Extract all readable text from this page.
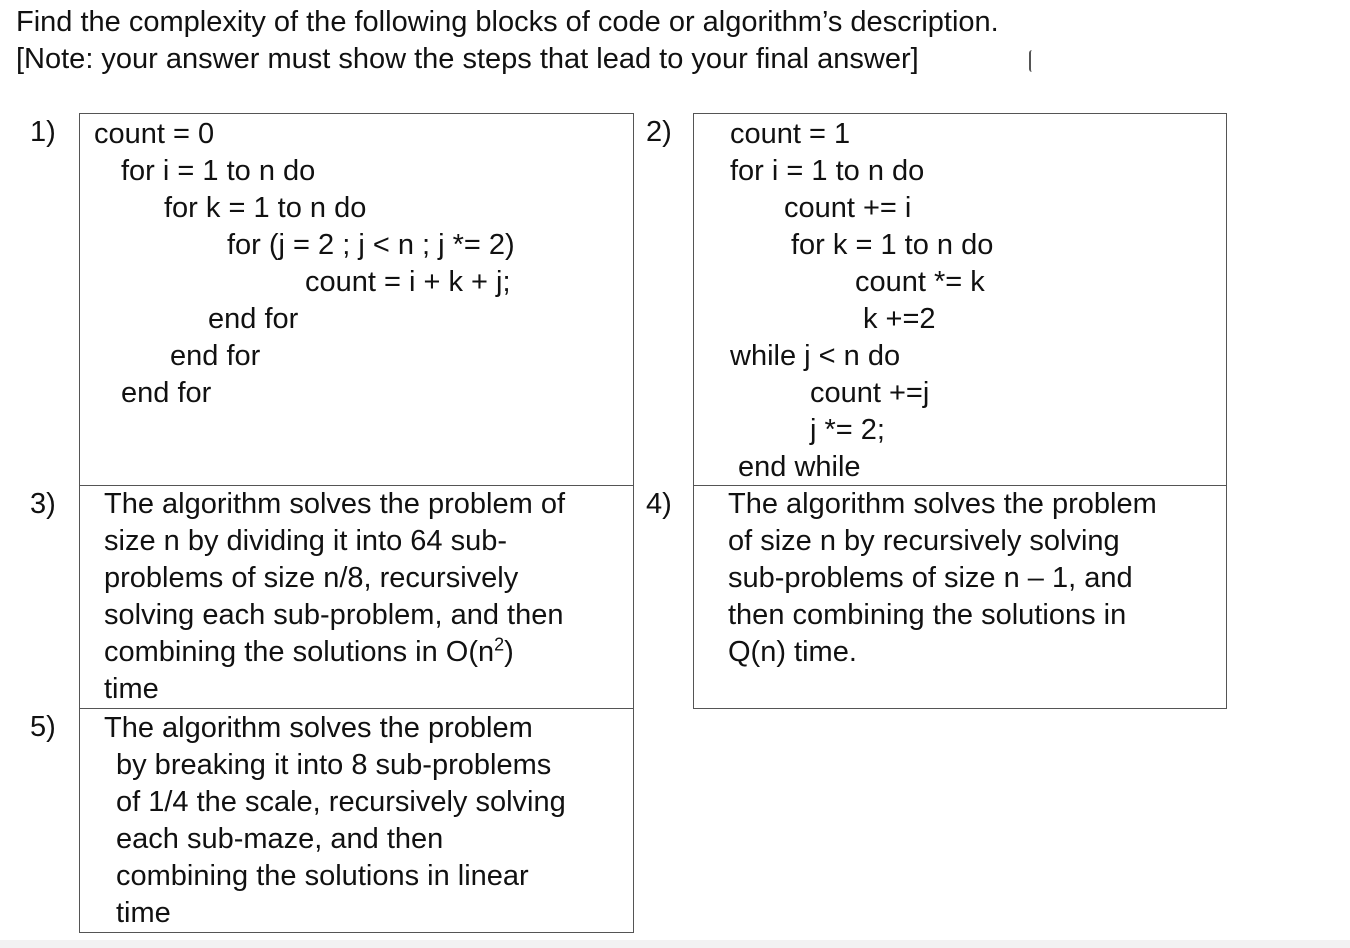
Find the complexity of the following blocks of code or algorithm’s description.
[Note: your answer must show the steps that lead to your final answer]
1)	2)
3)	4)
5)
count = 0
for i = 1 to n do
for k = 1 to n do
for (j = 2 ; j < n ; j *= 2)
count = i + k + j;
end for
end for
end for
count = 1
for i = 1 to n do
count += i
for k = 1 to n do
count *= k
k +=2
while j < n do
count +=j
j *= 2;
end while
The algorithm solves the problem of
size n by dividing it into 64 sub-
problems of size n/8, recursively
solving each sub-problem, and then
combining the solutions in $O(n^2)$
time
The algorithm solves the problem
of size n by recursively solving
sub-problems of size n – 1, and
then combining the solutions in
Q(n) time.
The algorithm solves the problem
by breaking it into 8 sub-problems
of 1/4 the scale, recursively solving
each sub-maze, and then
combining the solutions in linear
time
